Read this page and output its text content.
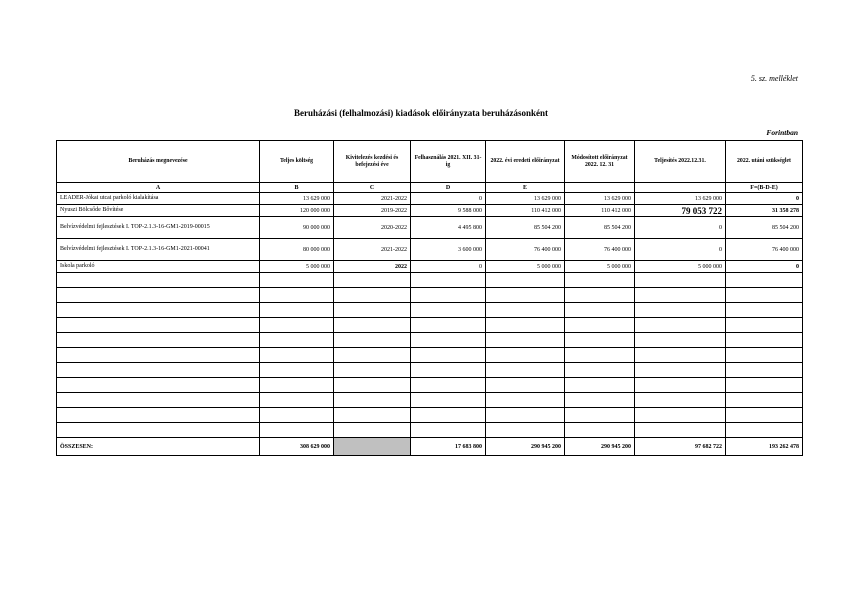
5. sz. melléklet
Beruházási (felhalmozási) kiadások előirányzata beruházásonként
Forintban
Beruházás megnevezése	Teljes költség	Kivitelezés kezdési és befejezési éve	Felhasználás 2021. XII. 31-ig	2022. évi eredeti előirányzat	Módosított előirányzat 2022. 12. 31	Teljesítés 2022.12.31.	2022. utáni szükséglet
A	B	C	D	E			F=(B-D-E)
LEADER-Jókai utcai parkoló kialakítása	13 629 000	2021-2022	0	13 629 000	13 629 000	13 629 000	0
Nyuszi Bölcsőde Bővítése	120 000 000	2019-2022	9 588 000	110 412 000	110 412 000	79 053 722	31 358 278
Belvízvédelmi fejlesztések I. TOP-2.1.3-16-GM1-2019-00015	90 000 000	2020-2022	4 495 800	85 504 200	85 504 200	0	85 504 200
Belvízvédelmi fejlesztések I. TOP-2.1.3-16-GM1-2021-00041	80 000 000	2021-2022	3 600 000	76 400 000	76 400 000	0	76 400 000
Iskola parkoló	5 000 000	2022	0	5 000 000	5 000 000	5 000 000	0

ÖSSZESEN:	308 629 000		17 683 800	290 945 200	290 945 200	97 682 722	193 262 478
